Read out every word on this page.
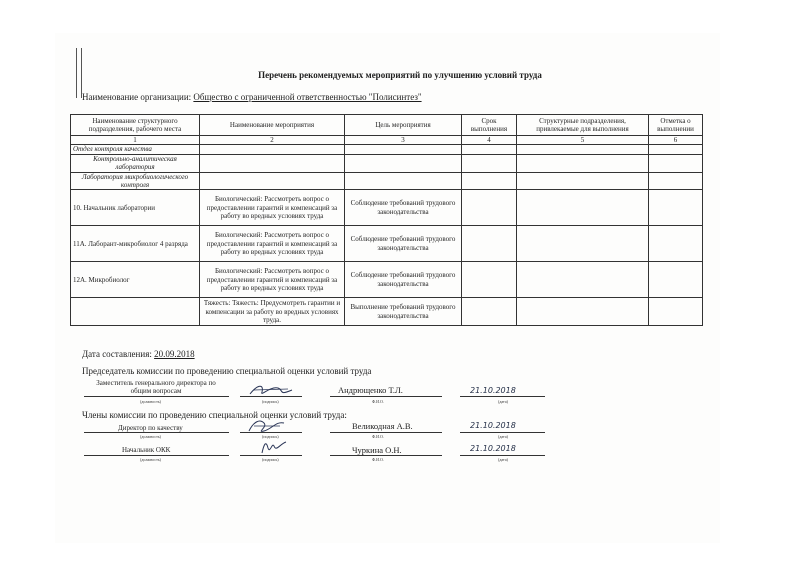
Перечень рекомендуемых мероприятий по улучшению условий труда
Наименование организации: Общество с ограниченной ответственностью "Полисинтез"
Наименование структурного подразделения, рабочего места	Наименование мероприятия	Цель мероприятия	Срок выполнения	Структурные подразделения, привлекаемые для выполнения	Отметка о выполнении
1	2	3	4	5	6
Отдел контроля качества					
Контрольно-аналитическая лаборатория					
Лаборатория микробиологического контроля					
10. Начальник лаборатории	Биологический: Рассмотреть вопрос о предоставлении гарантий и компенсаций за работу во вредных условиях труда	Соблюдение требований трудового законодательства			
11А. Лаборант-микробиолог 4 разряда	Биологический: Рассмотреть вопрос о предоставлении гарантий и компенсаций за работу во вредных условиях труда	Соблюдение требований трудового законодательства			
12А. Микробиолог	Биологический: Рассмотреть вопрос о предоставлении гарантий и компенсаций за работу во вредных условиях труда	Соблюдение требований трудового законодательства			
	Тяжесть: Тяжесть: Предусмотреть гарантии и компенсации за работу во вредных условиях труда.	Выполнение требований трудового законодательства			
Дата составления: 20.09.2018
Председатель комиссии по проведению специальной оценки условий труда
Заместитель генерального директора по общим вопросам
(должность)	(подпись)
Андрющенко Т.Л.
Ф.И.О.
21.10.2018
(дата)
Члены комиссии по проведению специальной оценки условий труда:
Директор по качеству
(должность)	(подпись)
Великодная А.В.
Ф.И.О.
21.10.2018
(дата)
Начальник ОКК
(должность)	(подпись)
Чуркина О.Н.
Ф.И.О.
21.10.2018
(дата)
